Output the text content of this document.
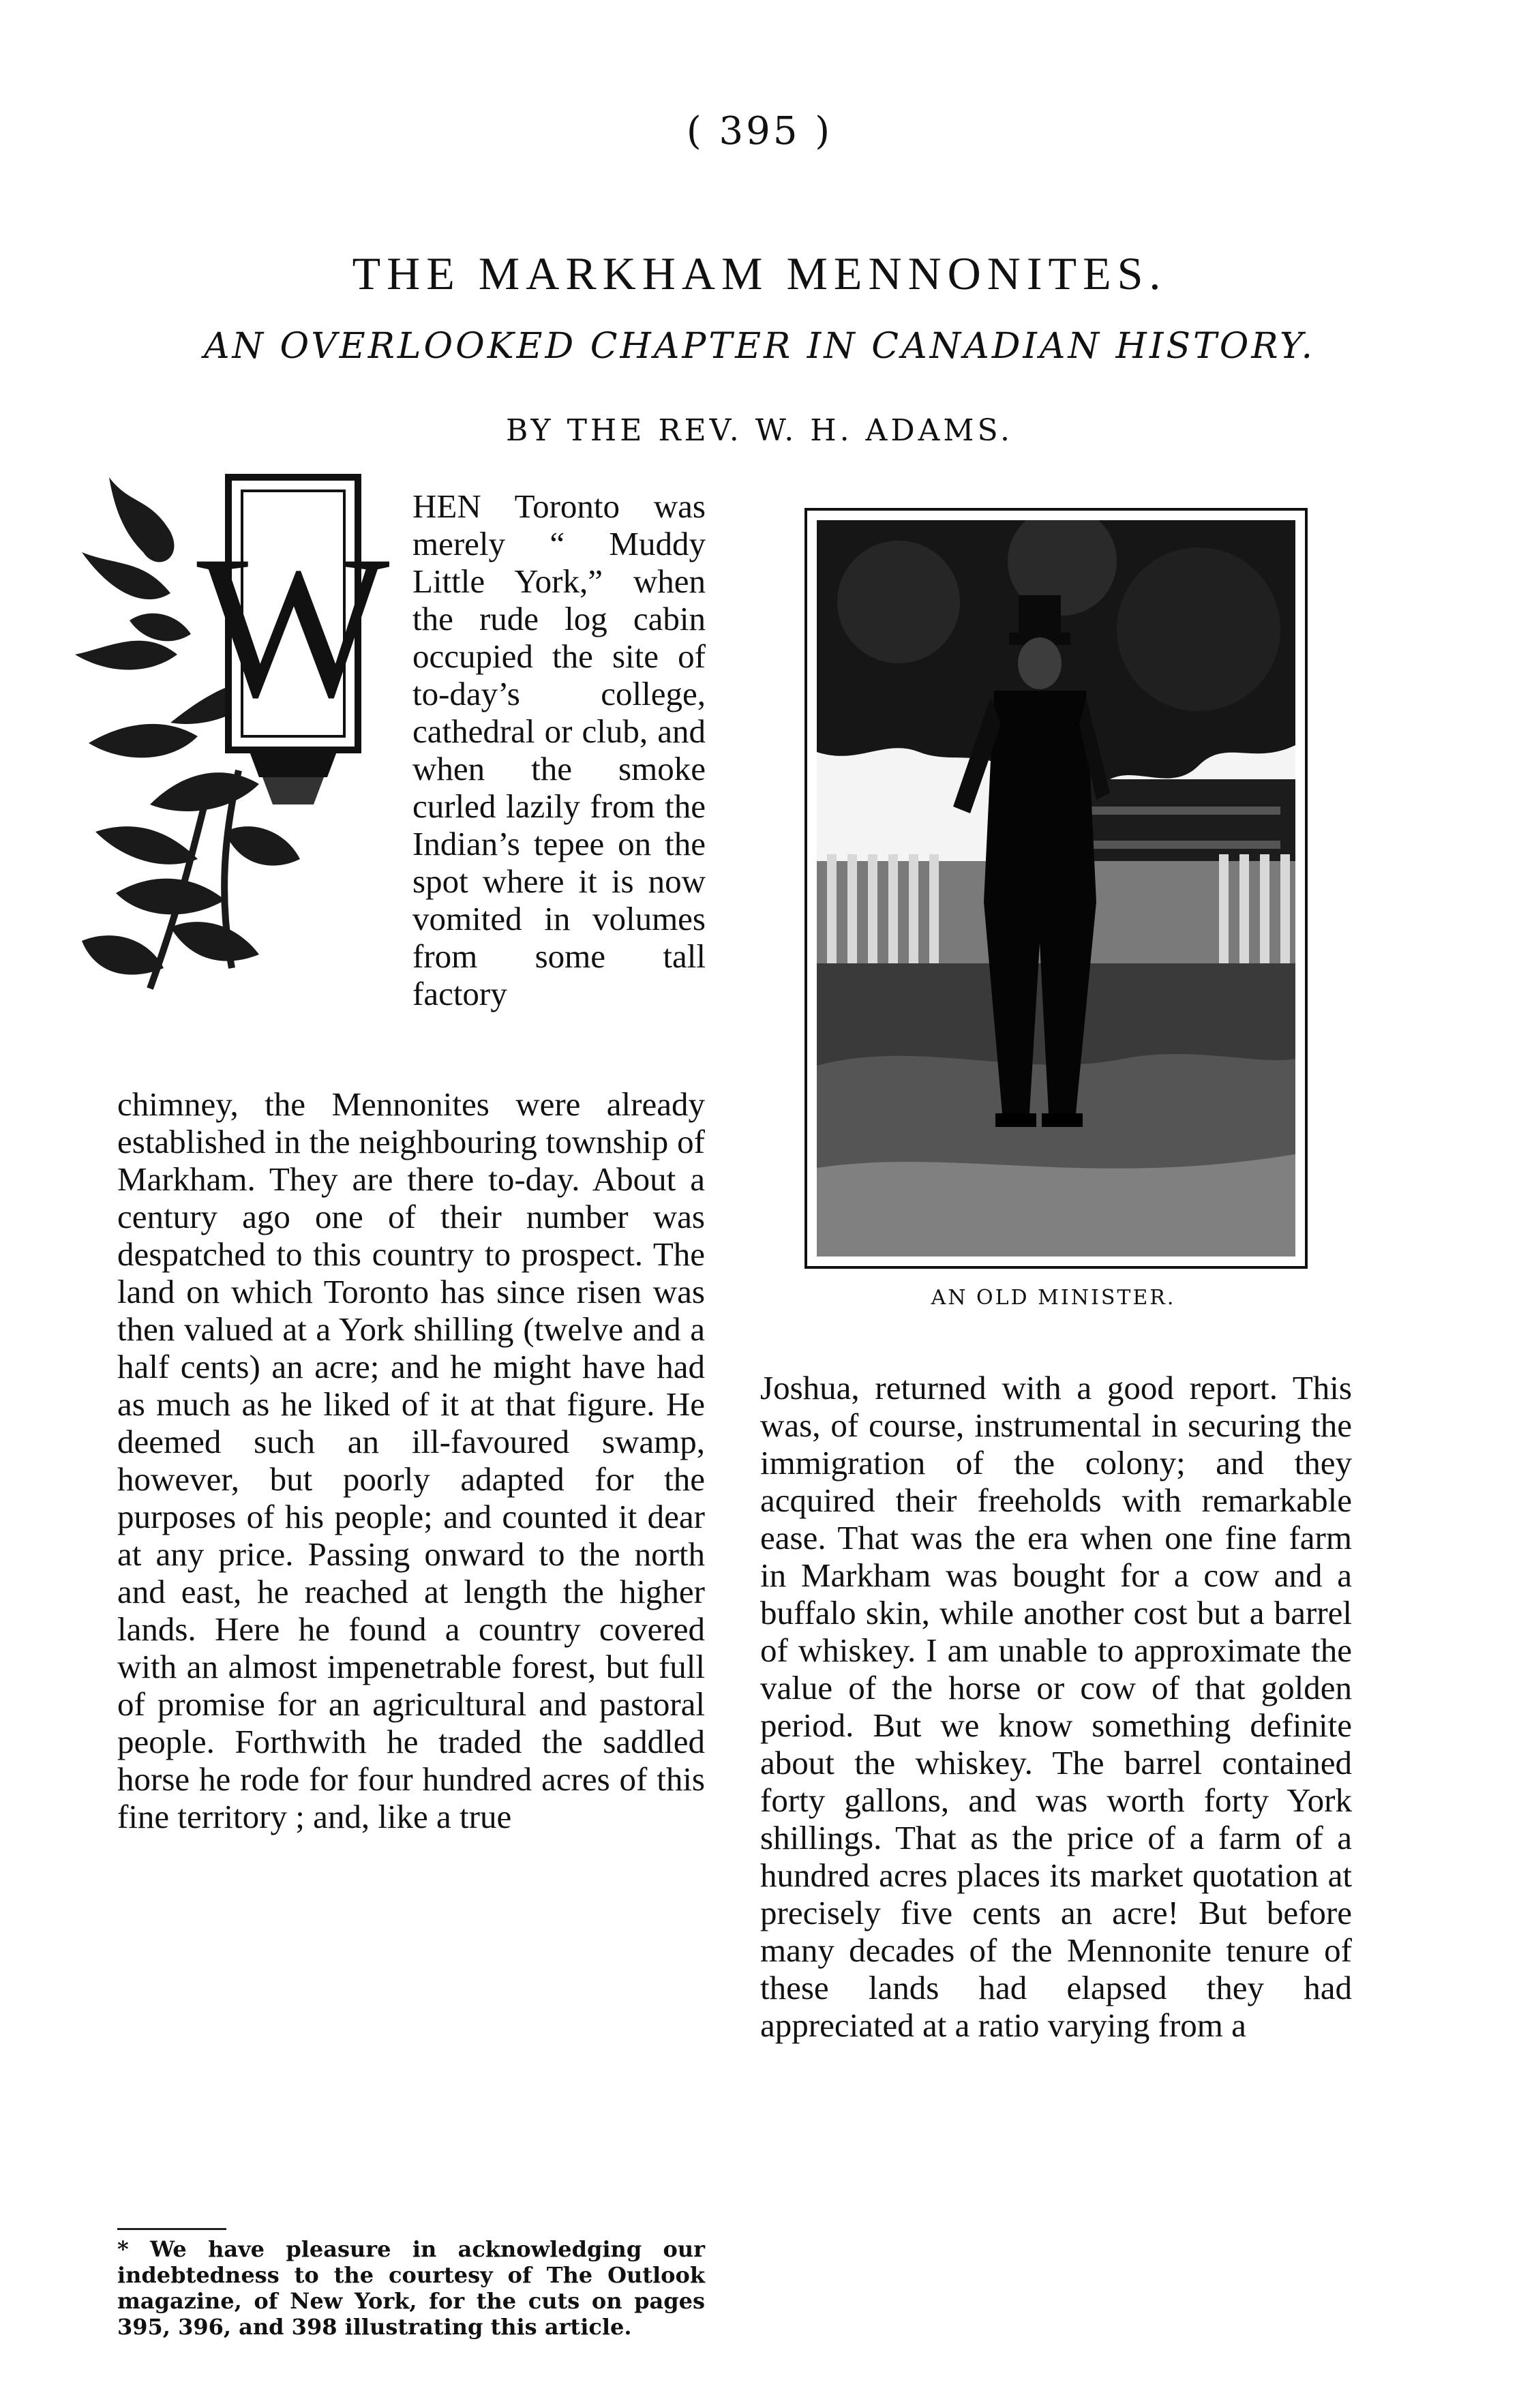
( 395 )
THE MARKHAM MENNONITES.
AN OVERLOOKED CHAPTER IN CANADIAN HISTORY.
BY THE REV. W. H. ADAMS.
W

HEN Toronto was merely “ Muddy Little York,” when the rude log cabin occupied the site of to-day’s college, cathedral or club, and when the smoke curled lazily from the Indian’s tepee on the spot where it is now vomited in volumes from some tall factory

chimney, the Mennonites were already established in the neighbouring township of Markham. They are there to-day. About a century ago one of their number was despatched to this country to prospect. The land on which Toronto has since risen was then valued at a York shilling (twelve and a half cents) an acre; and he might have had as much as he liked of it at that figure. He deemed such an ill-favoured swamp, however, but poorly adapted for the purposes of his people; and counted it dear at any price. Passing onward to the north and east, he reached at length the higher lands. Here he found a country covered with an almost impenetrable forest, but full of promise for an agricultural and pastoral people. Forthwith he traded the saddled horse he rode for four hundred acres of this fine territory ; and, like a true

* We have pleasure in acknowledging our indebtedness to the courtesy of The Outlook magazine, of New York, for the cuts on pages 395, 396, and 398 illustrating this article.
AN OLD MINISTER.

Joshua, returned with a good report. This was, of course, instrumental in securing the immigration of the colony; and they acquired their freeholds with remarkable ease. That was the era when one fine farm in Markham was bought for a cow and a buffalo skin, while another cost but a barrel of whiskey. I am unable to approximate the value of the horse or cow of that golden period. But we know something definite about the whiskey. The barrel contained forty gallons, and was worth forty York shillings. That as the price of a farm of a hundred acres places its market quotation at precisely five cents an acre! But before many decades of the Mennonite tenure of these lands had elapsed they had appreciated at a ratio varying from a
